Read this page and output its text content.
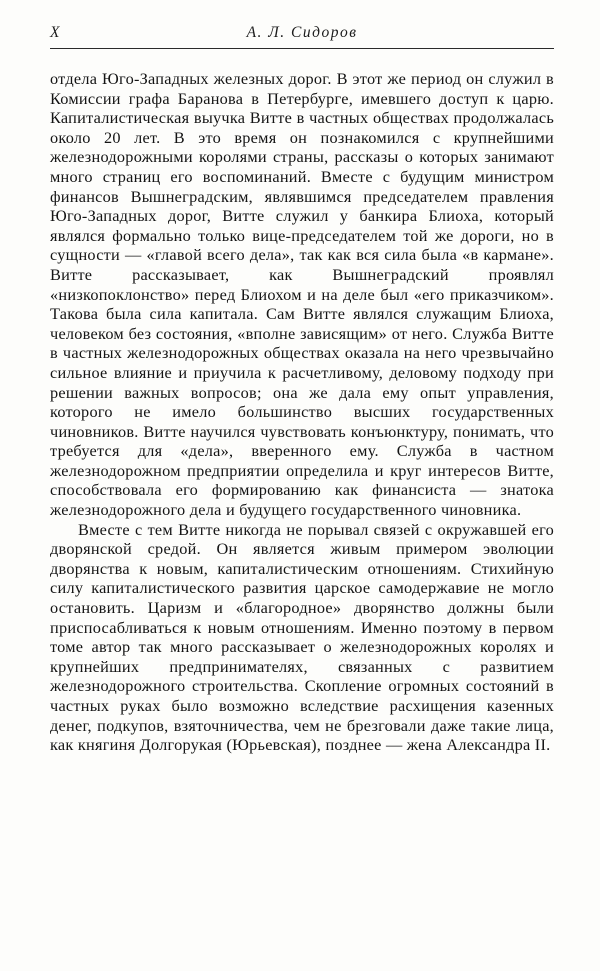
X	А. Л. Сидоров

отдела Юго-Западных железных дорог. В этот же период он служил в Комиссии графа Баранова в Петербурге, имевшего доступ к царю. Капиталистическая выучка Витте в частных обществах продолжалась около 20 лет. В это время он познакомился с крупнейшими железнодорожными королями страны, рассказы о которых занимают много страниц его воспоминаний. Вместе с будущим министром финансов Вышнеградским, являвшимся председателем правления Юго-Западных дорог, Витте служил у банкира Блиоха, который являлся формально только вице-председателем той же дороги, но в сущности — «главой всего дела», так как вся сила была «в кармане». Витте рассказывает, как Вышнеградский проявлял «низкопоклонство» перед Блиохом и на деле был «его приказчиком». Такова была сила капитала. Сам Витте являлся служащим Блиоха, человеком без состояния, «вполне зависящим» от него. Служба Витте в частных железнодорожных обществах оказала на него чрезвычайно сильное влияние и приучила к расчетливому, деловому подходу при решении важных вопросов; она же дала ему опыт управления, которого не имело большинство высших государственных чиновников. Витте научился чувствовать конъюнктуру, понимать, что требуется для «дела», вверенного ему. Служба в частном железнодорожном предприятии определила и круг интересов Витте, способствовала его формированию как финансиста — знатока железнодорожного дела и будущего государственного чиновника.

Вместе с тем Витте никогда не порывал связей с окружавшей его дворянской средой. Он является живым примером эволюции дворянства к новым, капиталистическим отношениям. Стихийную силу капиталистического развития царское самодержавие не могло остановить. Царизм и «благородное» дворянство должны были приспосабливаться к новым отношениям. Именно поэтому в первом томе автор так много рассказывает о железнодорожных королях и крупнейших предпринимателях, связанных с развитием железнодорожного строительства. Скопление огромных состояний в частных руках было возможно вследствие расхищения казенных денег, подкупов, взяточничества, чем не брезговали даже такие лица, как княгиня Долгорукая (Юрьевская), позднее — жена Александра II.
